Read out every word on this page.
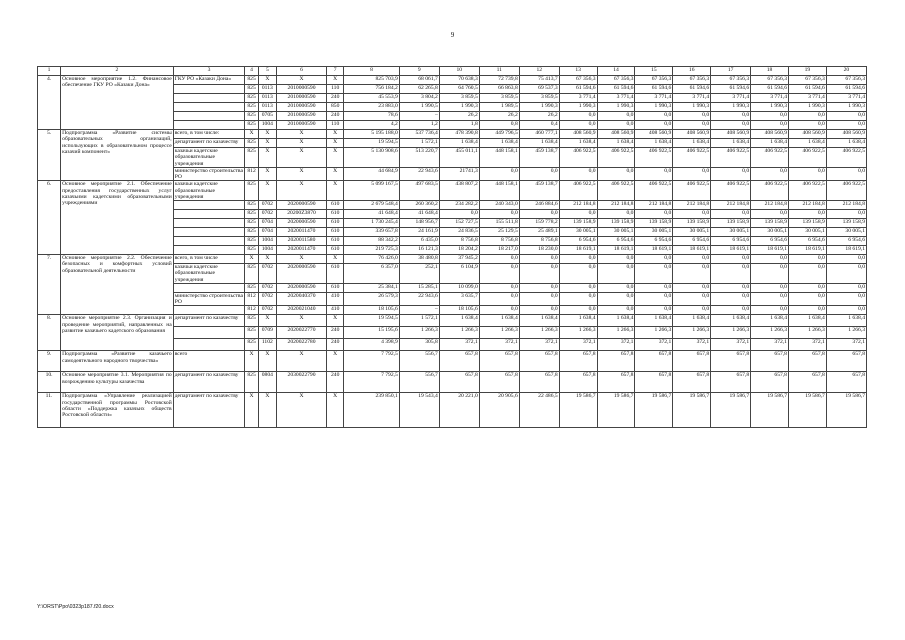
9
1	2	3	4	5	6	7	8	9	10	11	12	13	14	15	16	17	18	19	20
4.	Основное мероприятие 1.2. Финансовое обеспечение ГКУ РО «Казаки Дона»	ГКУ РО «Казаки Дона»	825	X	X	X	825 703,9	68 061,7	70 638,3	72 739,8	75 413,7	67 356,3	67 356,3	67 356,3	67 356,3	67 356,3	67 356,3	67 356,3	67 356,3
			825	0113	2010000590	110	756 184,2	62 265,8	64 760,5	66 863,8	69 537,3	61 594,6	61 594,6	61 594,6	61 594,6	61 594,6	61 594,6	61 594,6	61 594,6
			825	0113	2010000590	240	45 553,9	3 804,2	3 859,5	3 859,5	3 859,5	3 771,4	3 771,4	3 771,4	3 771,4	3 771,4	3 771,4	3 771,4	3 771,4
			825	0113	2010000590	850	23 883,0	1 990,5	1 990,3	1 989,5	1 990,3	1 990,3	1 990,3	1 990,3	1 990,3	1 990,3	1 990,3	1 990,3	1 990,3
			825	0705	2010000590	240	78,6	–	26,2	26,2	26,2	0,0	0,0	0,0	0,0	0,0	0,0	0,0	0,0
			825	1004	2010000590	110	4,2	1,2	1,8	0,8	0,4	0,0	0,0	0,0	0,0	0,0	0,0	0,0	0,0
5.	Подпрограмма «Развитие системы образовательных организаций, использующих в образовательном процессе казачий компонент»	всего, в том числе:	X	X	X	X	5 195 188,0	537 736,4	478 390,8	449 796,5	460 777,1	408 560,9	408 560,9	408 560,9	408 560,9	408 560,9	408 560,9	408 560,9	408 560,9
		департамент по казачеству	825	X	X	X	19 594,5	1 572,1	1 638,4	1 638,4	1 638,4	1 638,4	1 638,4	1 638,4	1 638,4	1 638,4	1 638,4	1 638,4	1 638,4
		казачьи кадетские образовательные учреждения	825	X	X	X	5 130 908,6	513 220,7	455 011,1	448 158,1	459 138,7	406 922,5	406 922,5	406 922,5	406 922,5	406 922,5	406 922,5	406 922,5	406 922,5
		министерство строительства РО	812	X	X	X	44 684,9	22 943,6	21741,3	0,0	0,0	0,0	0,0	0,0	0,0	0,0	0,0	0,0	0,0
6.	Основное мероприятие 2.1. Обеспечение предоставления государственных услуг казачьими кадетскими образовательными учреждениями	казачьи кадетские образовательные учреждения	825	X	X	X	5 099 167,5	497 683,5	438 807,2	448 158,1	459 138,7	406 922,5	406 922,5	406 922,5	406 922,5	406 922,5	406 922,5	406 922,5	406 922,5
			825	0702	2020000590	610	2 679 548,4	260 360,2	234 282,2	240 343,0	246 884,6	212 184,8	212 184,8	212 184,8	212 184,8	212 184,8	212 184,8	212 184,8	212 184,8
			825	0702	20200Z3870	610	41 648,4	41 648,4	0,0	0,0	0,0	0,0	0,0	0,0	0,0	0,0	0,0	0,0	0,0
			825	0704	2020000590	610	1 730 245,4	148 956,7	152 727,5	155 511,8	159 778,2	139 158,9	139 158,9	139 158,9	139 158,9	139 158,9	139 158,9	139 158,9	139 158,9
			825	0704	2020011470	610	339 657,8	24 161,9	24 836,5	25 129,5	25 489,1	30 005,1	30 005,1	30 005,1	30 005,1	30 005,1	30 005,1	30 005,1	30 005,1
			825	1004	2020011580	610	88 342,2	6 435,0	8 756,8	8 756,8	8 756,8	6 954,6	6 954,6	6 954,6	6 954,6	6 954,6	6 954,6	6 954,6	6 954,6
			825	1004	2020011470	610	219 725,3	16 121,3	18 204,2	18 217,0	18 230,0	18 619,1	18 619,1	18 619,1	18 619,1	18 619,1	18 619,1	18 619,1	18 619,1
7.	Основное мероприятие 2.2. Обеспечение безопасных и комфортных условий образовательной деятельности	всего, в том числе	X	X	X	X	76 426,0	38 480,8	37 945,2	0,0	0,0	0,0	0,0	0,0	0,0	0,0	0,0	0,0	0,0
		казачьи кадетские образовательные учреждения	825	0702	2020000590	610	6 357,0	252,1	6 104,9	0,0	0,0	0,0	0,0	0,0	0,0	0,0	0,0	0,0	0,0
			825	0702	2020000590	610	25 384,1	15 285,1	10 099,0	0,0	0,0	0,0	0,0	0,0	0,0	0,0	0,0	0,0	0,0
		министерство строительства РО	812	0702	2020040370	410	26 579,3	22 943,6	3 635,7	0,0	0,0	0,0	0,0	0,0	0,0	0,0	0,0	0,0	0,0
			812	0702	2020021040	410	18 105,6	–	18 105,6	0,0	0,0	0,0	0,0	0,0	0,0	0,0	0,0	0,0	0,0
8.	Основное мероприятие 2.3. Организация и проведение мероприятий, направленных на развитие казачьего кадетского образования	департамент по казачеству	825	X	X	X	19 594,5	1 572,1	1 638,4	1 638,4	1 638,4	1 638,4	1 638,4	1 638,4	1 638,4	1 638,4	1 638,4	1 638,4	1 638,4
			825	0709	2020022770	240	15 195,6	1 266,3	1 266,3	1 266,3	1 266,3	1 266,3	1 266,3	1 266,3	1 266,3	1 266,3	1 266,3	1 266,3	1 266,3
			825	1102	2020022780	240	4 398,9	305,8	372,1	372,1	372,1	372,1	372,1	372,1	372,1	372,1	372,1	372,1	372,1
9.	Подпрограмма «Развитие казачьего самодеятельного народного творчества»	всего	X	X	X	X	7 792,5	556,7	657,8	657,8	657,8	657,8	657,8	657,8	657,8	657,8	657,8	657,8	657,8
10.	Основное мероприятие 3.1. Мероприятия по возрождению культуры казачества	департамент по казачеству	825	0804	2030022790	240	7 792,5	556,7	657,8	657,8	657,8	657,8	657,8	657,8	657,8	657,8	657,8	657,8	657,8
11.	Подпрограмма «Управление реализацией государственной программы Ростовской области «Поддержка казачьих обществ Ростовской области»	департамент по казачеству	X	X	X	X	239 850,1	19 543,4	20 221,0	20 905,6	22 486,5	19 586,7	19 586,7	19 586,7	19 586,7	19 586,7	19 586,7	19 586,7	19 586,7
Y:\ORST\Ppo\0323p187.f20.docx
